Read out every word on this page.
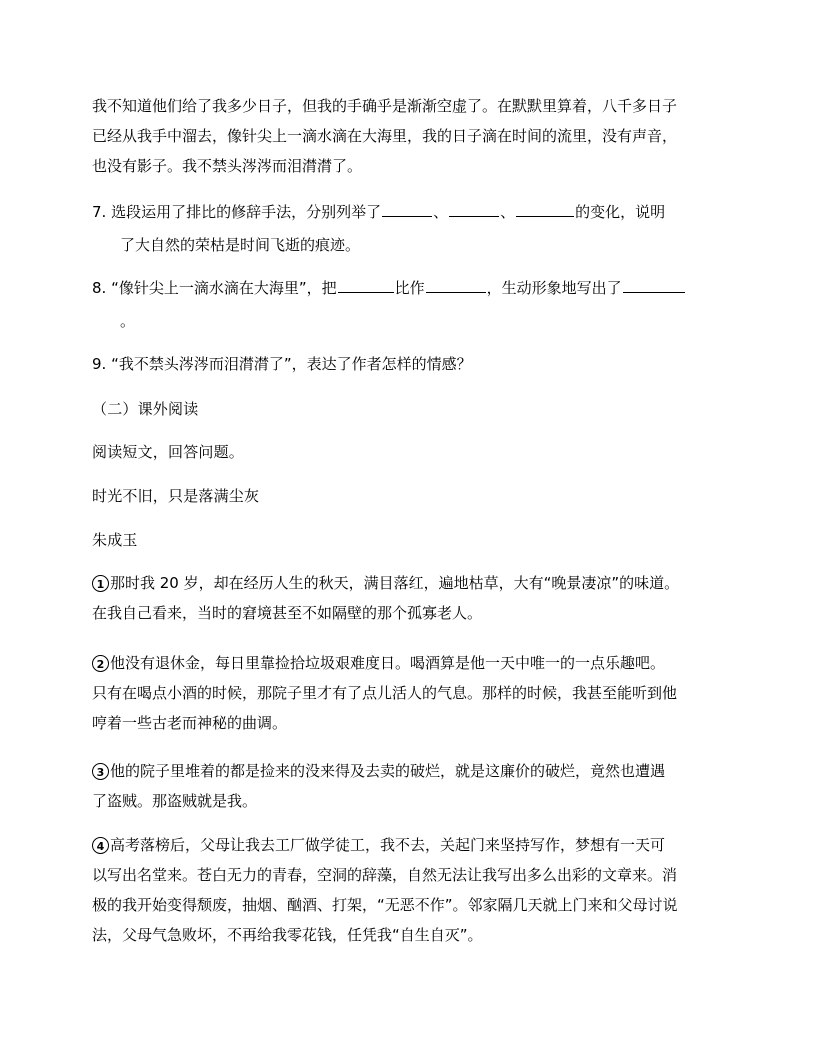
我不知道他们给了我多少日子，但我的手确乎是渐渐空虚了。在默默里算着，八千多日子
已经从我手中溜去，像针尖上一滴水滴在大海里，我的日子滴在时间的流里，没有声音，
也没有影子。我不禁头涔涔而泪潸潸了。
7. 选段运用了排比的修辞手法，分别列举了	、	、	的变化，说明
了大自然的荣枯是时间飞逝的痕迹。
8. “像针尖上一滴水滴在大海里”，把	比作	，生动形象地写出了
。
9. “我不禁头涔涔而泪潸潸了”，表达了作者怎样的情感？
（二）课外阅读
阅读短文，回答问题。
时光不旧，只是落满尘灰
朱成玉
1 那时我 20 岁，却在经历人生的秋天，满目落红，遍地枯草，大有“晚景凄凉”的味道。
在我自己看来，当时的窘境甚至不如隔壁的那个孤寡老人。
2 他没有退休金，每日里靠捡拾垃圾艰难度日。喝酒算是他一天中唯一的一点乐趣吧。
只有在喝点小酒的时候，那院子里才有了点儿活人的气息。那样的时候，我甚至能听到他
哼着一些古老而神秘的曲调。
3 他的院子里堆着的都是捡来的没来得及去卖的破烂，就是这廉价的破烂，竟然也遭遇
了盗贼。那盗贼就是我。
4 高考落榜后，父母让我去工厂做学徒工，我不去，关起门来坚持写作，梦想有一天可
以写出名堂来。苍白无力的青春，空洞的辞藻，自然无法让我写出多么出彩的文章来。消
极的我开始变得颓废，抽烟、酗酒、打架，“无恶不作”。邻家隔几天就上门来和父母讨说
法，父母气急败坏，不再给我零花钱，任凭我“自生自灭”。
